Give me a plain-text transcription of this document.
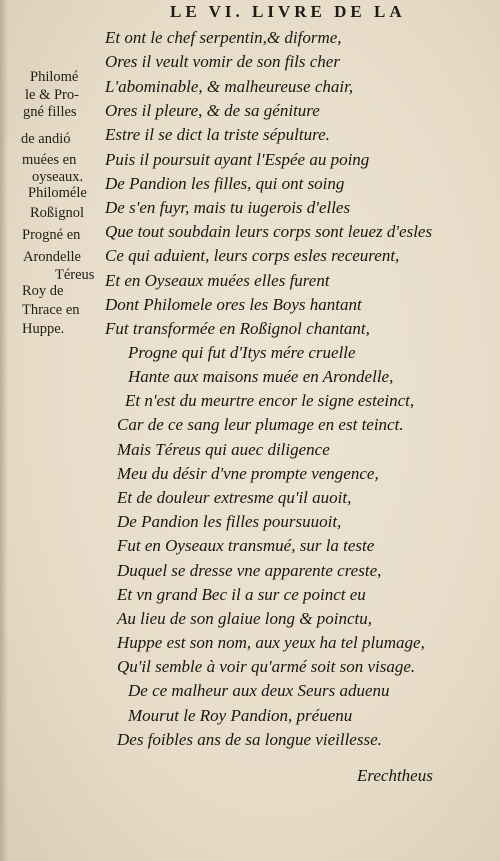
LE VI. LIVRE DE LA
Philomé
le & Pro-
gné filles
de andió
muées en
oyseaux.
Philoméle
Roßignol
Progné en
Arondelle
Téreus
Roy de
Thrace en
Huppe.
Et ont le chef serpentin,& diforme,
Ores il veult vomir de son fils cher
L'abominable, & malheureuse chair,
Ores il pleure, & de sa géniture
Estre il se dict la triste sépulture.
Puis il poursuit ayant l'Espée au poing
De Pandion les filles, qui ont soing
De s'en fuyr, mais tu iugerois d'elles
Que tout soubdain leurs corps sont leuez d'esles
Ce qui aduient, leurs corps esles receurent,
Et en Oyseaux muées elles furent
Dont Philomele ores les Boys hantant
Fut transformée en Roßignol chantant,
Progne qui fut d'Itys mére cruelle
Hante aux maisons muée en Arondelle,
Et n'est du meurtre encor le signe esteinct,
Car de ce sang leur plumage en est teinct.
Mais Téreus qui auec diligence
Meu du désir d'vne prompte vengence,
Et de douleur extresme qu'il auoit,
De Pandion les filles poursuuoit,
Fut en Oyseaux transmué, sur la teste
Duquel se dresse vne apparente creste,
Et vn grand Bec il a sur ce poinct eu
Au lieu de son glaiue long & poinctu,
Huppe est son nom, aux yeux ha tel plumage,
Qu'il semble à voir qu'armé soit son visage.
De ce malheur aux deux Seurs aduenu
Mourut le Roy Pandion, préuenu
Des foibles ans de sa longue vieillesse.
Erechtheus
